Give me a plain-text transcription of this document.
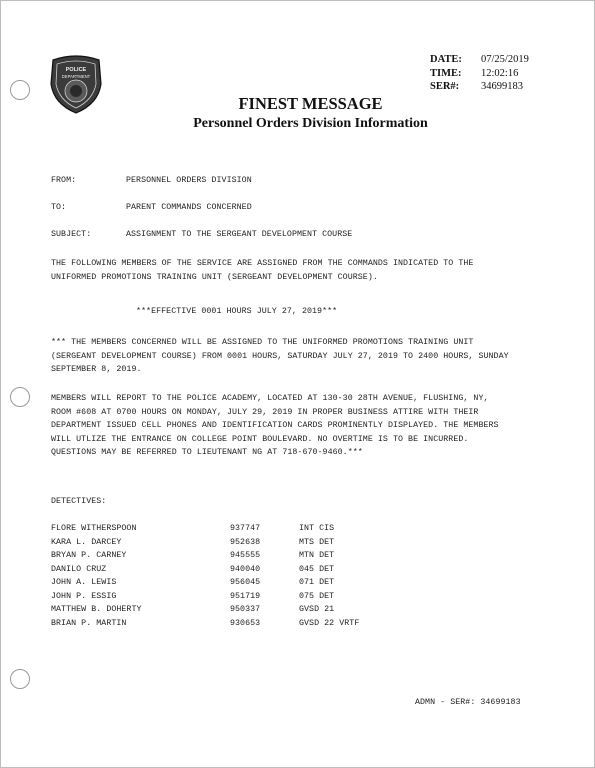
POLICE
DEPARTMENT
DATE:	07/25/2019
TIME:	12:02:16
SER#:	34699183
FINEST MESSAGE
Personnel Orders Division Information
FROM:	PERSONNEL ORDERS DIVISION
TO:	PARENT COMMANDS CONCERNED
SUBJECT:	ASSIGNMENT TO THE SERGEANT DEVELOPMENT COURSE
THE FOLLOWING MEMBERS OF THE SERVICE ARE ASSIGNED FROM THE COMMANDS INDICATED TO THE UNIFORMED PROMOTIONS TRAINING UNIT (SERGEANT DEVELOPMENT COURSE).
***EFFECTIVE 0001 HOURS JULY 27, 2019***
*** THE MEMBERS CONCERNED WILL BE ASSIGNED TO THE UNIFORMED PROMOTIONS TRAINING UNIT (SERGEANT DEVELOPMENT COURSE) FROM 0001 HOURS, SATURDAY JULY 27, 2019 TO 2400 HOURS, SUNDAY SEPTEMBER 8, 2019.
MEMBERS WILL REPORT TO THE POLICE ACADEMY, LOCATED AT 130-30 28TH AVENUE, FLUSHING, NY, ROOM #608 AT 0700 HOURS ON MONDAY, JULY 29, 2019 IN PROPER BUSINESS ATTIRE WITH THEIR DEPARTMENT ISSUED CELL PHONES AND IDENTIFICATION CARDS PROMINENTLY DISPLAYED. THE MEMBERS WILL UTLIZE THE ENTRANCE ON COLLEGE POINT BOULEVARD. NO OVERTIME IS TO BE INCURRED. QUESTIONS MAY BE REFERRED TO LIEUTENANT NG AT 718-670-9460.***
DETECTIVES:
FLORE WITHERSPOON	937747	INT CIS
KARA L. DARCEY	952638	MTS DET
BRYAN P. CARNEY	945555	MTN DET
DANILO CRUZ	940040	045 DET
JOHN A. LEWIS	956045	071 DET
JOHN P. ESSIG	951719	075 DET
MATTHEW B. DOHERTY	950337	GVSD 21
BRIAN P. MARTIN	930653	GVSD 22 VRTF
ADMN - SER#: 34699183
